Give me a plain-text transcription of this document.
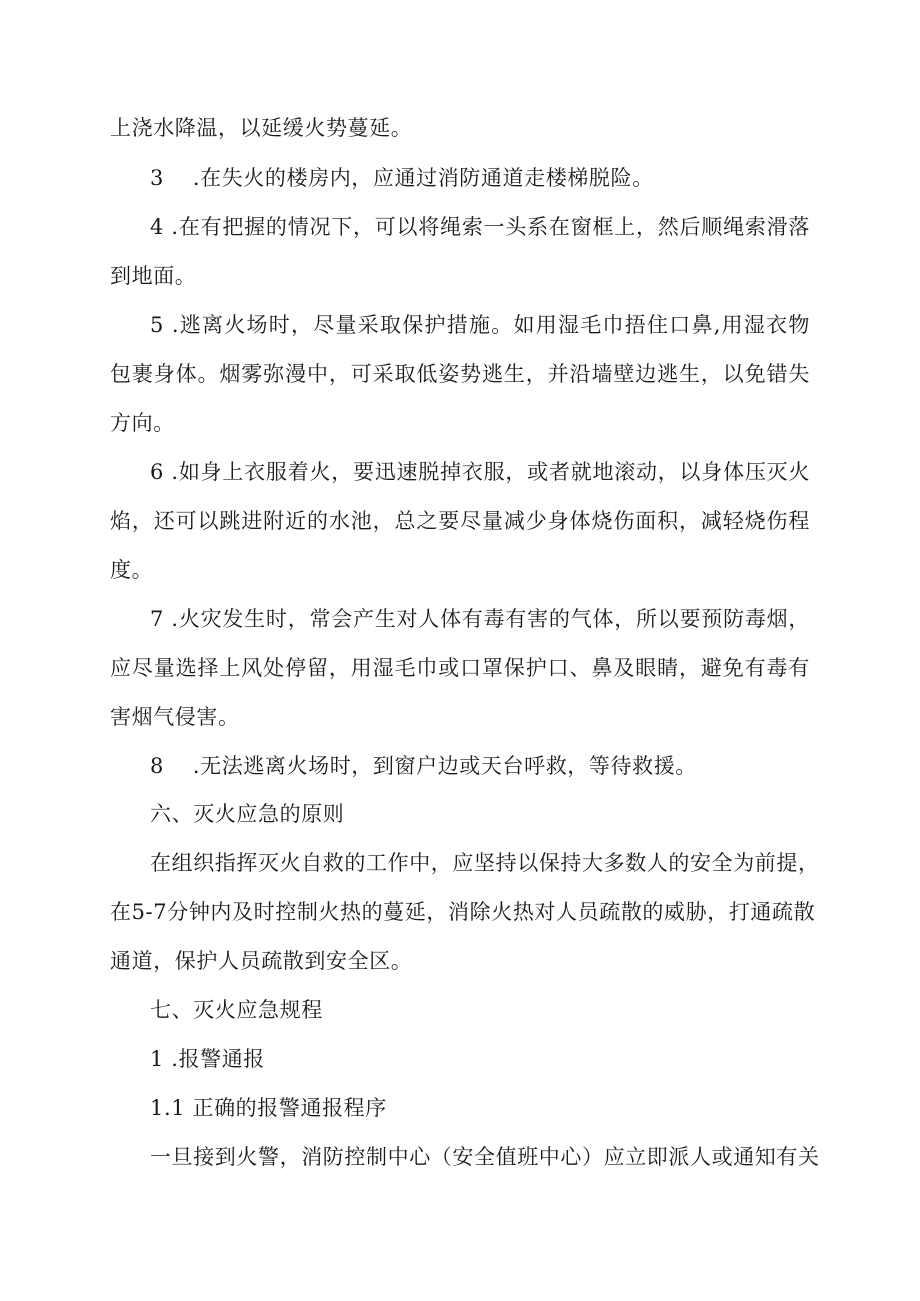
上浇水降温，以延缓火势蔓延。
3　 .在失火的楼房内，应通过消防通道走楼梯脱险。
4 .在有把握的情况下，可以将绳索一头系在窗框上，然后顺绳索滑落
到地面。
5 .逃离火场时，尽量采取保护措施。如用湿毛巾捂住口鼻,用湿衣物
包裹身体。烟雾弥漫中，可采取低姿势逃生，并沿墙壁边逃生，以免错失
方向。
6 .如身上衣服着火，要迅速脱掉衣服，或者就地滚动，以身体压灭火
焰，还可以跳进附近的水池，总之要尽量减少身体烧伤面积，减轻烧伤程
度。
7 .火灾发生时，常会产生对人体有毒有害的气体，所以要预防毒烟，
应尽量选择上风处停留，用湿毛巾或口罩保护口、鼻及眼睛，避免有毒有
害烟气侵害。
8　 .无法逃离火场时，到窗户边或天台呼救，等待救援。
六、灭火应急的原则
在组织指挥灭火自救的工作中，应坚持以保持大多数人的安全为前提，
在5-7分钟内及时控制火热的蔓延，消除火热对人员疏散的威胁，打通疏散
通道，保护人员疏散到安全区。
七、灭火应急规程
1 .报警通报
1.1 正确的报警通报程序
一旦接到火警，消防控制中心（安全值班中心）应立即派人或通知有关
